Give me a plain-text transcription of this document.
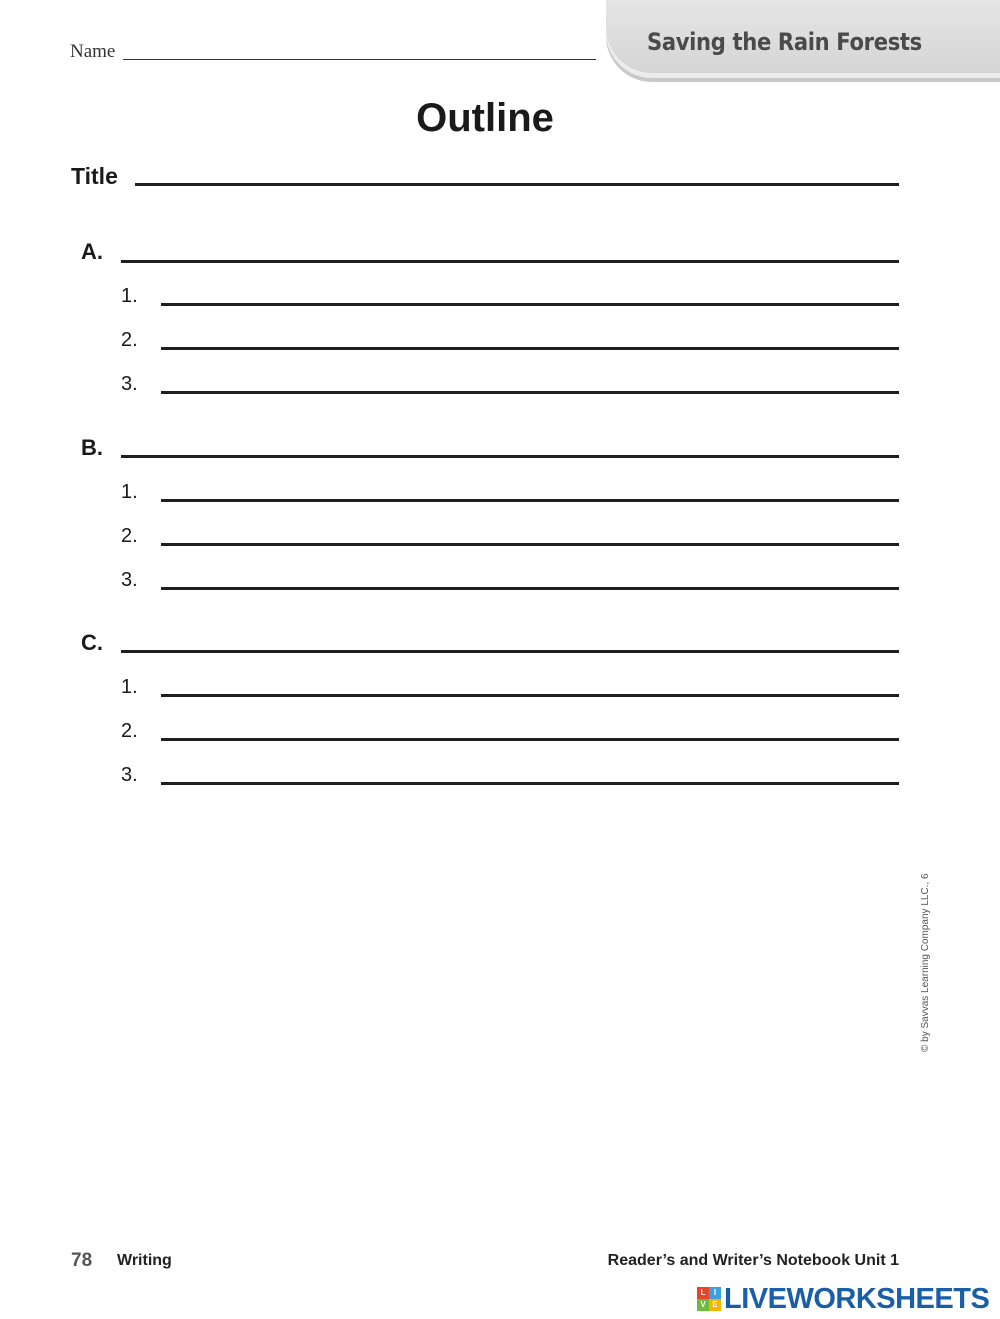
Saving the Rain Forests
Name
Outline
Title
A.
1.
2.
3.
B.
1.
2.
3.
C.
1.
2.
3.
© by Savvas Learning Company LLC., 6
78 Writing	Reader’s and Writer’s Notebook Unit 1
L	I
V E LIVEWORKSHEETS
